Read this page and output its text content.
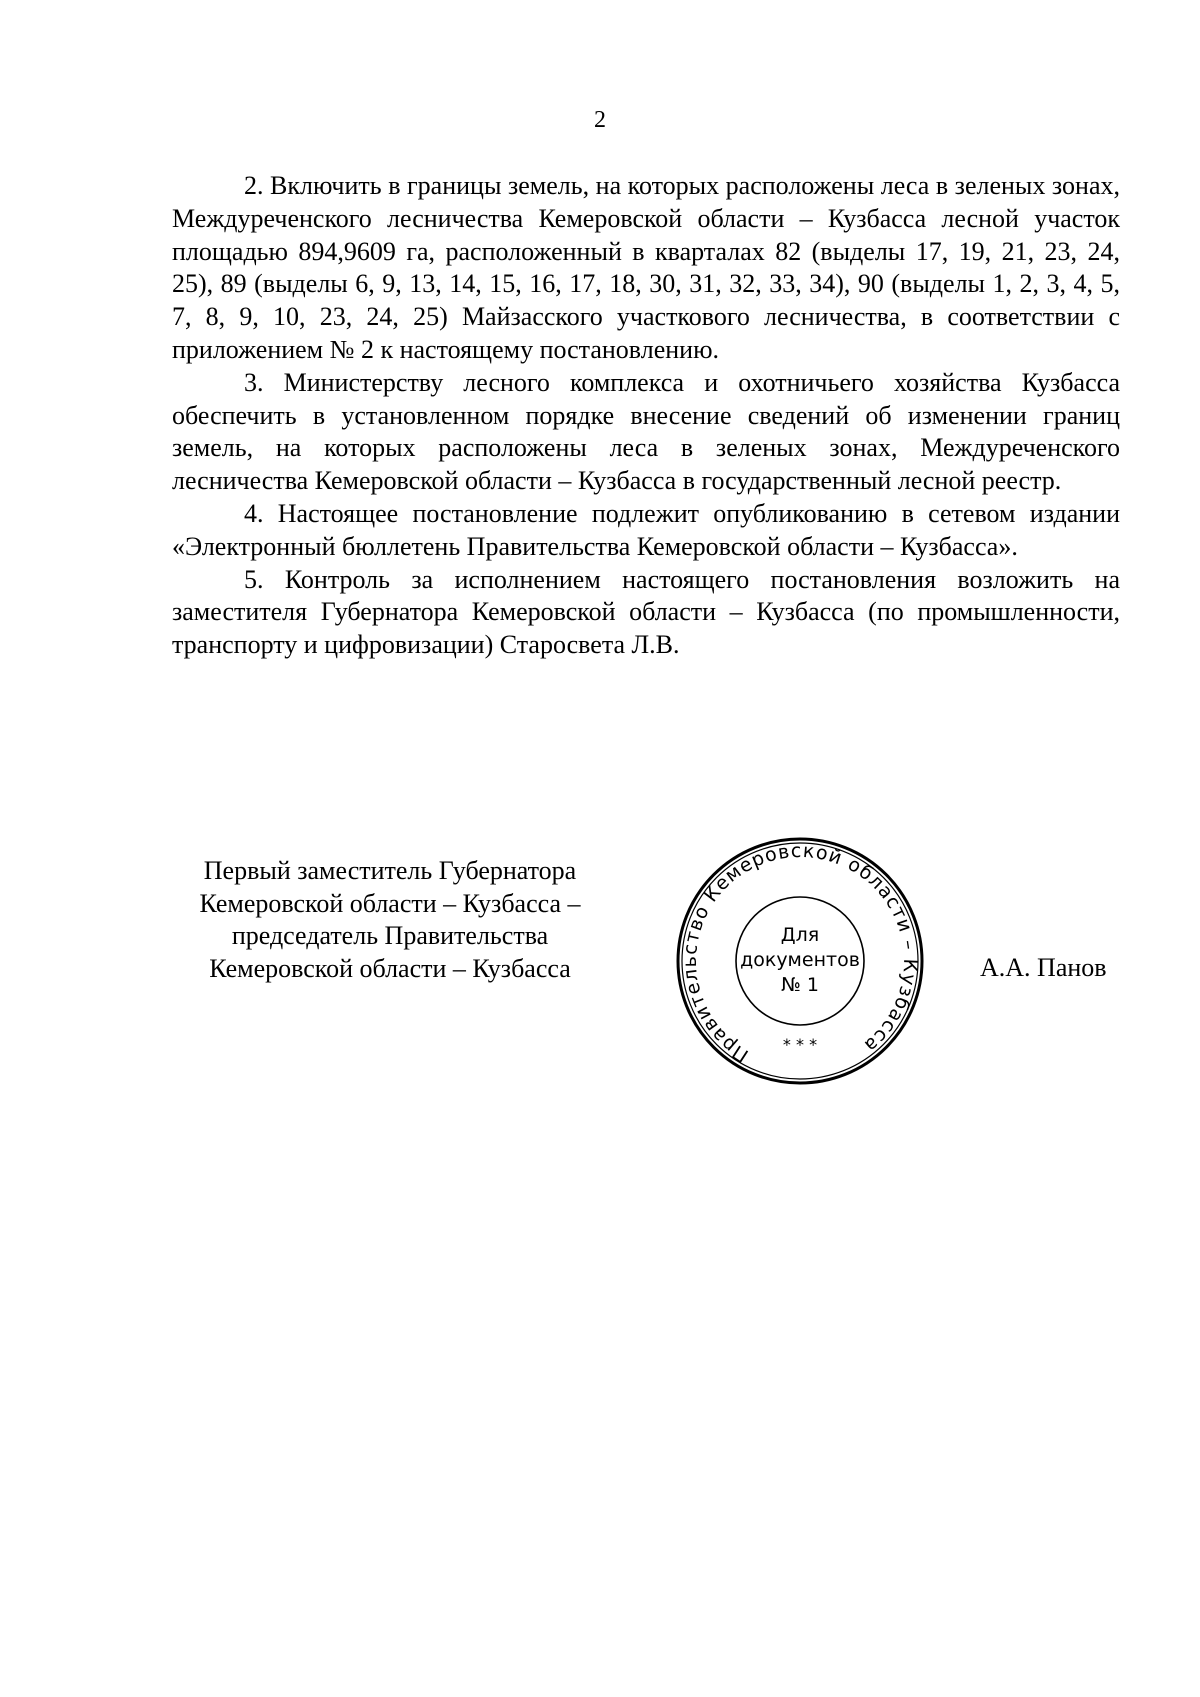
2

2. Включить в границы земель, на которых расположены леса в зеленых зонах, Междуреченского лесничества Кемеровской области – Кузбасса лесной участок площадью 894,9609 га, расположенный в кварталах 82 (выделы 17, 19, 21, 23, 24, 25), 89 (выделы 6, 9, 13, 14, 15, 16, 17, 18, 30, 31, 32, 33, 34), 90 (выделы 1, 2, 3, 4, 5, 7, 8, 9, 10, 23, 24, 25) Майзасского участкового лесничества, в соответствии с приложением № 2 к настоящему постановлению.

3. Министерству лесного комплекса и охотничьего хозяйства Кузбасса обеспечить в установленном порядке внесение сведений об изменении границ земель, на которых расположены леса в зеленых зонах, Междуреченского лесничества Кемеровской области – Кузбасса в государственный лесной реестр.

4. Настоящее постановление подлежит опубликованию в сетевом издании «Электронный бюллетень Правительства Кемеровской области – Кузбасса».

5. Контроль за исполнением настоящего постановления возложить на заместителя Губернатора Кемеровской области – Кузбасса (по промышленности, транспорту и цифровизации) Старосвета Л.В.

Первый заместитель Губернатора
Кемеровской области – Кузбасса –
председатель Правительства
Кемеровской области – Кузбасса
Правительство Кемеровской области – Кузбасса
* * *
Для
документов
№ 1
А.А. Панов
